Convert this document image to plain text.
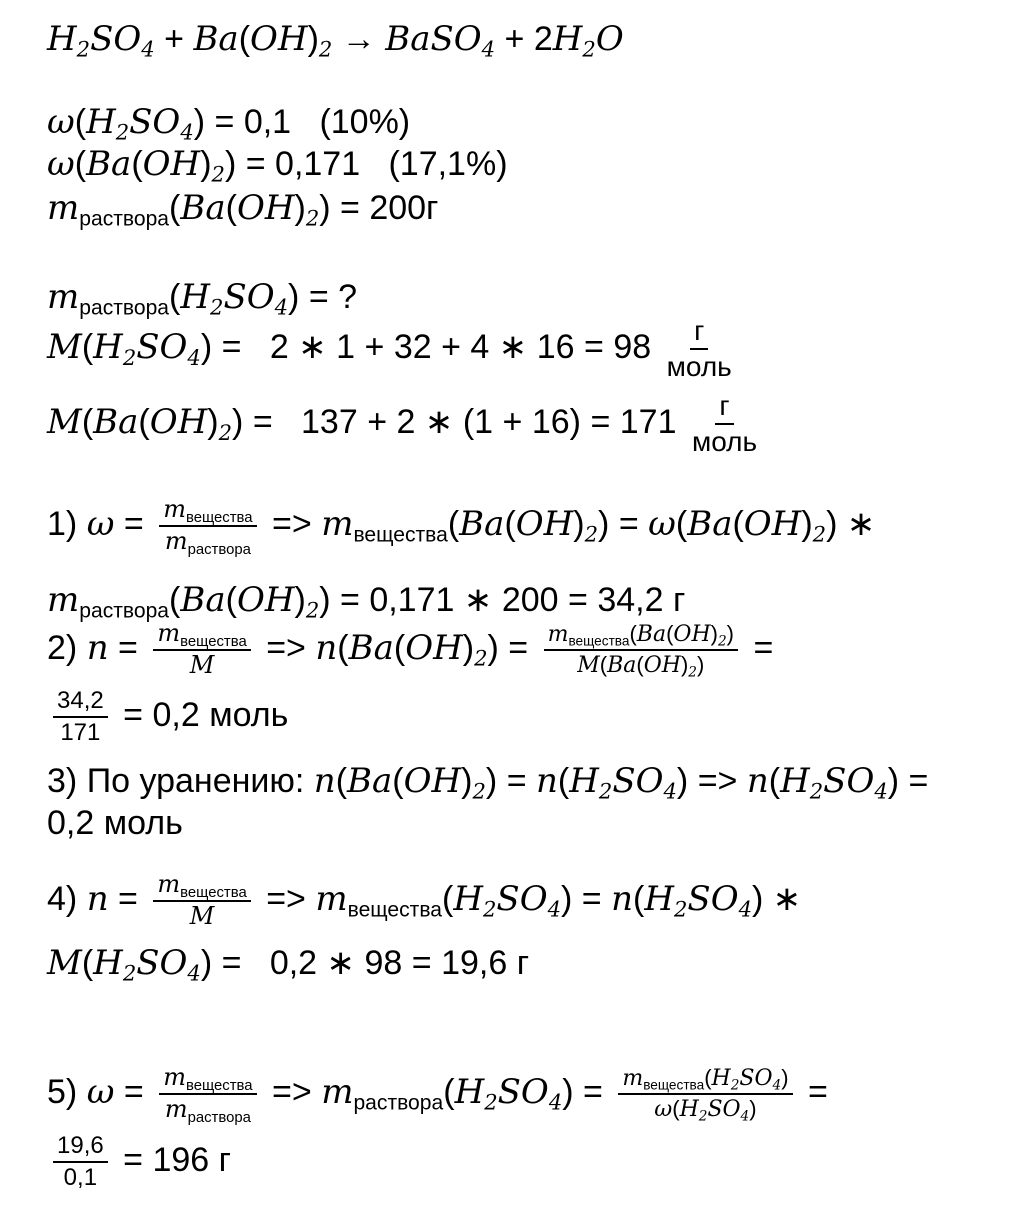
$H_2SO_4 + Ba(OH)_2$ → BaSO$_4$ + $2H_2O$
$\omega(H_2SO_4) = 0,1$ (10%)
$\omega(Ba(OH)_2) = 0,171$ (17,1%)
$m_{раствора}(Ba(OH)_2) = 200г$
$m_{раствора}(H_2SO_4)$ = ?
$M(H_2SO_4) = 2$ ∗ 1 + 32 + 4 ∗ $16 = 98 \frac{г}{\text{моль}}$
$M(Ba(OH)_2) = 137 + 2$ ∗ $(1 + 16) = 171 \frac{г}{\text{моль}}$
1) $\omega = \frac{m_{вещества}}{m_{раствора}} => m_{вещества}(Ba(OH)_2) = \omega(Ba(OH)_2)$ ∗
$m_{раствора}(Ba(OH)_2) = 0,171$ ∗ 200 = 34,2 г
2) $n = \frac{m_{вещества}}{M} => n(Ba(OH)_2) = \frac{m_{вещества}(Ba(OH)_2)}{M(Ba(OH)_2)}$ =
$\frac{34,2}{171} = 0,2$ моль
3) По уранению: $n(Ba(OH)_2) = n(H_2SO_4) => n(H_2SO_4)$ =
0,2 моль
4) $n = \frac{m_{вещества}}{M} => m_{вещества}(H_2SO_4) = n(H_2SO_4)$ ∗
$M(H_2SO_4) = 0,2$ ∗ 98 = 19,6 г
5) $\omega = \frac{m_{вещества}}{m_{раствора}} => m_{раствора}(H_2SO_4) = \frac{m_{вещества}(H_2SO_4)}{\omega(H_2SO_4)}$ =
$\frac{19,6}{0,1} = 196$ г
